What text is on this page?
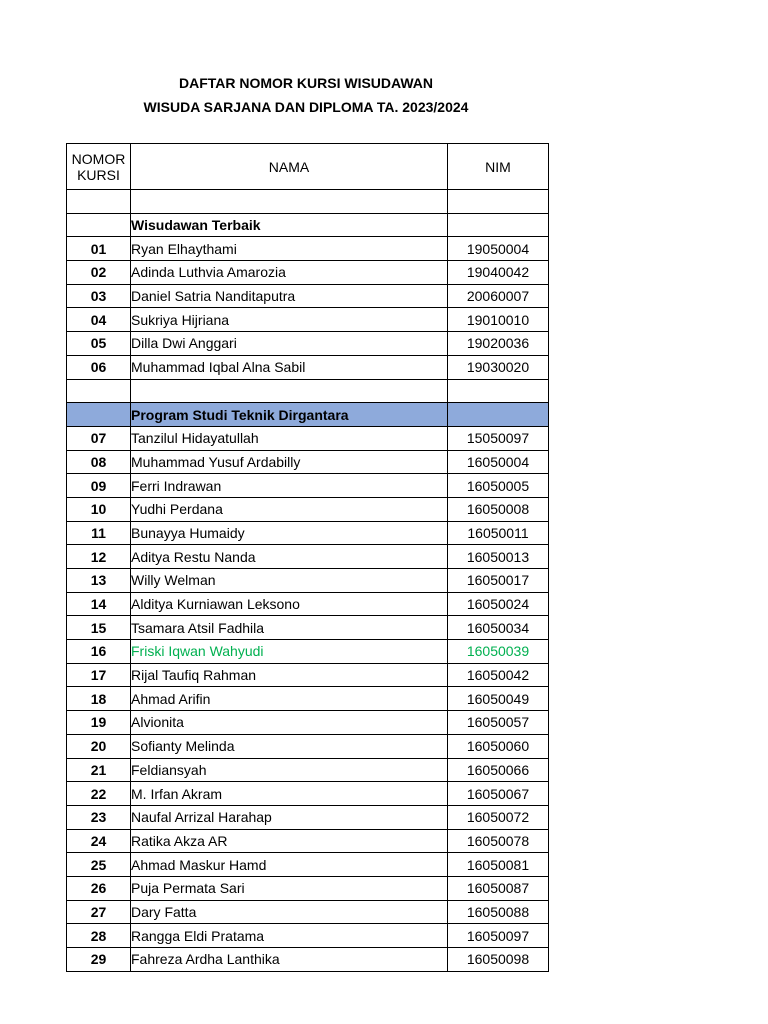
DAFTAR NOMOR KURSI WISUDAWAN
WISUDA SARJANA DAN DIPLOMA TA. 2023/2024
NOMOR
KURSI	NAMA	NIM

	Wisudawan Terbaik	
01	Ryan Elhaythami	19050004
02	Adinda Luthvia Amarozia	19040042
03	Daniel Satria Nanditaputra	20060007
04	Sukriya Hijriana	19010010
05	Dilla Dwi Anggari	19020036
06	Muhammad Iqbal Alna Sabil	19030020

	Program Studi Teknik Dirgantara	
07	Tanzilul Hidayatullah	15050097
08	Muhammad Yusuf Ardabilly	16050004
09	Ferri Indrawan	16050005
10	Yudhi Perdana	16050008
11	Bunayya Humaidy	16050011
12	Aditya Restu Nanda	16050013
13	Willy Welman	16050017
14	Alditya Kurniawan Leksono	16050024
15	Tsamara Atsil Fadhila	16050034
16	Friski Iqwan Wahyudi	16050039
17	Rijal Taufiq Rahman	16050042
18	Ahmad Arifin	16050049
19	Alvionita	16050057
20	Sofianty Melinda	16050060
21	Feldiansyah	16050066
22	M. Irfan Akram	16050067
23	Naufal Arrizal Harahap	16050072
24	Ratika Akza AR	16050078
25	Ahmad Maskur Hamd	16050081
26	Puja Permata Sari	16050087
27	Dary Fatta	16050088
28	Rangga Eldi Pratama	16050097
29	Fahreza Ardha Lanthika	16050098
